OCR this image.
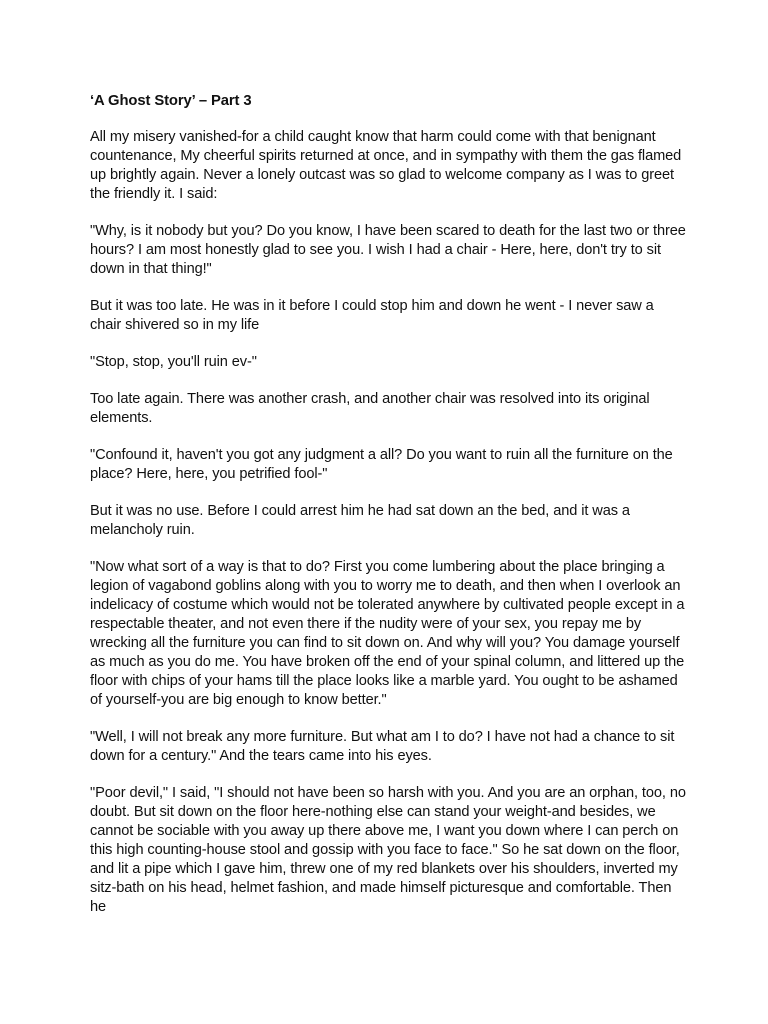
‘A Ghost Story’ – Part 3

All my misery vanished-for a child caught know that harm could come with that benignant countenance, My cheerful spirits returned at once, and in sympathy with them the gas flamed up brightly again. Never a lonely outcast was so glad to welcome company as I was to greet the friendly it. I said:

"Why, is it nobody but you? Do you know, I have been scared to death for the last two or three hours? I am most honestly glad to see you. I wish I had a chair - Here, here, don't try to sit down in that thing!"

But it was too late. He was in it before I could stop him and down he went - I never saw a chair shivered so in my life

"Stop, stop, you'll ruin ev-"

Too late again. There was another crash, and another chair was resolved into its original elements.

"Confound it, haven't you got any judgment a all? Do you want to ruin all the furniture on the place? Here, here, you petrified fool-"

But it was no use. Before I could arrest him he had sat down an the bed, and it was a melancholy ruin.

"Now what sort of a way is that to do? First you come lumbering about the place bringing a legion of vagabond goblins along with you to worry me to death, and then when I overlook an indelicacy of costume which would not be tolerated anywhere by cultivated people except in a respectable theater, and not even there if the nudity were of your sex, you repay me by wrecking all the furniture you can find to sit down on. And why will you? You damage yourself as much as you do me. You have broken off the end of your spinal column, and littered up the floor with chips of your hams till the place looks like a marble yard. You ought to be ashamed of yourself-you are big enough to know better."

"Well, I will not break any more furniture. But what am I to do? I have not had a chance to sit down for a century." And the tears came into his eyes.

"Poor devil," I said, "I should not have been so harsh with you. And you are an orphan, too, no doubt. But sit down on the floor here-nothing else can stand your weight-and besides, we cannot be sociable with you away up there above me, I want you down where I can perch on this high counting-house stool and gossip with you face to face." So he sat down on the floor, and lit a pipe which I gave him, threw one of my red blankets over his shoulders, inverted my sitz-bath on his head, helmet fashion, and made himself picturesque and comfortable. Then he
